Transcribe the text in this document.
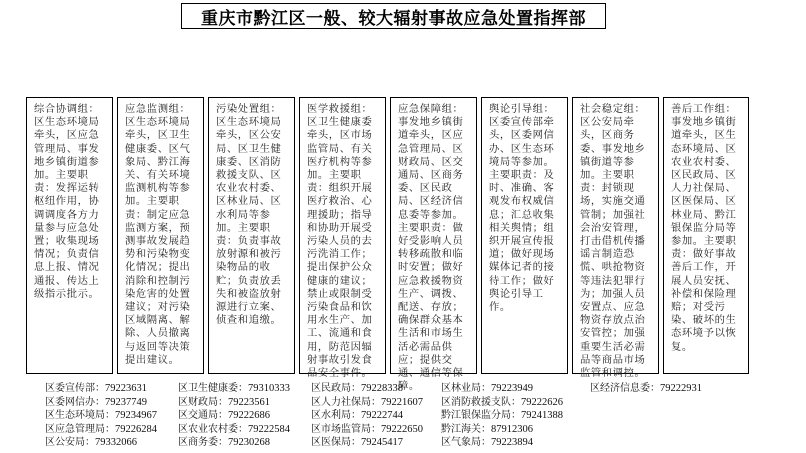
重庆市黔江区一般、较大辐射事故应急处置指挥部
综合协调组：区生态环境局牵头，区应急管理局、事发地乡镇街道参加。主要职责：发挥运转枢纽作用，协调调度各方力量参与应急处置；收集现场情况；负责信息上报、情况通报、传达上级指示批示。
应急监测组：区生态环境局牵头，区卫生健康委、区气象局、黔江海关、有关环境监测机构等参加。主要职责：制定应急监测方案，预测事故发展趋势和污染物变化情况；提出消除和控制污染危害的处置建议；对污染区域隔离、解除、人员撤离与返回等决策提出建议。
污染处置组：区生态环境局牵头，区公安局、区卫生健康委、区消防救援支队、区农业农村委、区林业局、区水利局等参加。主要职责：负责事故放射源和被污染物品的收贮；负责放丢失和被盗放射源进行立案、侦查和追缴。
医学救援组：区卫生健康委牵头，区市场监管局、有关医疗机构等参加。主要职责：组织开展医疗救治、心理援助；指导和协助开展受污染人员的去污洗消工作；提出保护公众健康的建议；禁止或限制受污染食品和饮用水生产、加工、流通和食用，防范因辐射事故引发食品安全事件。
应急保障组：事发地乡镇街道牵头，区应急管理局、区财政局、区交通局、区商务委、区民政局、区经济信息委等参加。主要职责：做好受影响人员转移疏散和临时安置；做好应急救援物资生产、调拨、配送、存放；确保群众基本生活和市场生活必需品供应；提供交通、通信等保障。
舆论引导组：区委宣传部牵头，区委网信办、区生态环境局等参加。主要职责：及时、准确、客观发布权威信息；汇总收集相关舆情；组织开展宣传报道；做好现场媒体记者的接待工作；做好舆论引导工作。
社会稳定组：区公安局牵头，区商务委、事发地乡镇街道等参加。主要职责：封锁现场，实施交通管制；加强社会治安管理，打击借机传播谣言制造恐慌、哄抢物资等违法犯罪行为；加强人员安置点、应急物资存放点治安管控；加强重要生活必需品等商品市场监管和调控。
善后工作组：事发地乡镇街道牵头，区生态环境局、区农业农村委、区民政局、区人力社保局、区医保局、区林业局、黔江银保监分局等参加。主要职责：做好事故善后工作，开展人员安抚、补偿和保险理赔；对受污染、破坏的生态环境予以恢复。
区委宣传部：79223631
区委网信办：79237749
区生态环境局：79234967
区应急管理局：79226284
区公安局：79332066
区卫生健康委：79310333
区财政局：79223561
区交通局：79222686
区农业农村委：79222584
区商务委：79230268
区民政局：79228338
区人力社保局：79221607
区水利局：79222744
区市场监管局：79222650
区医保局：79245417
区林业局：79223949
区消防救援支队：79222626
黔江银保监分局：79241388
黔江海关：87912306
区气象局：79223894
区经济信息委：79222931
